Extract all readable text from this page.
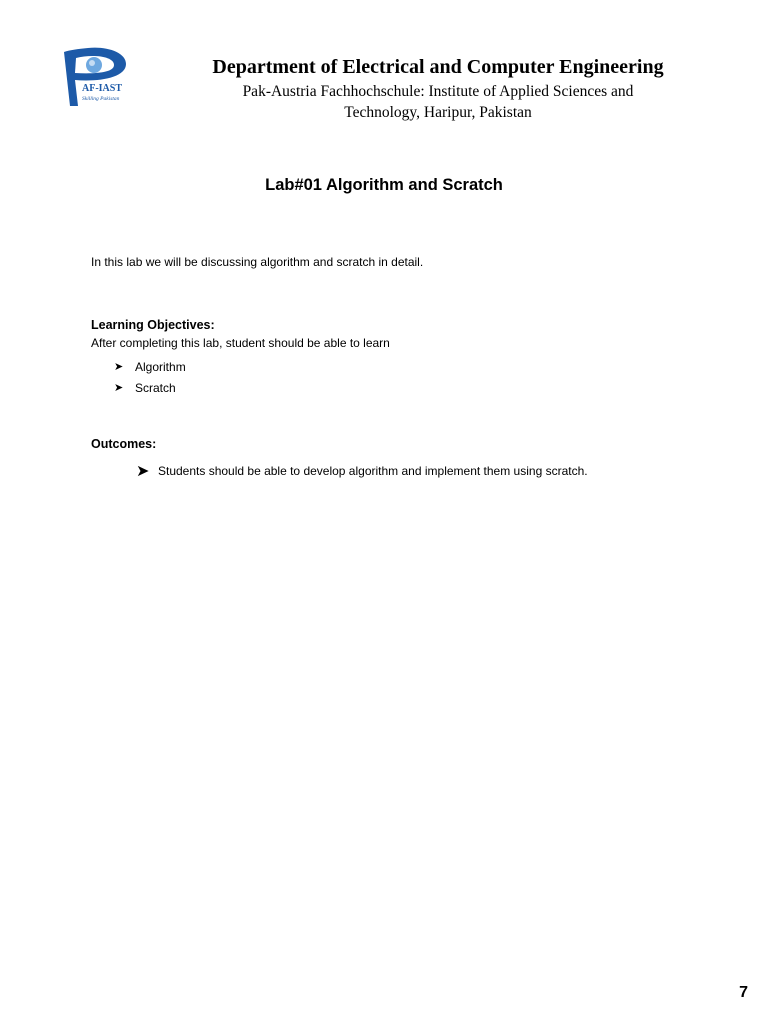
AF-IAST
Skilling Pakistan

Department of Electrical and Computer Engineering

Pak-Austria Fachhochschule: Institute of Applied Sciences and

Technology, Haripur, Pakistan

Lab#01 Algorithm and Scratch
In this lab we will be discussing algorithm and scratch in detail.
Learning Objectives:
After completing this lab, student should be able to learn
➤ Algorithm
➤ Scratch
Outcomes:
➤ Students should be able to develop algorithm and implement them using scratch.
7
